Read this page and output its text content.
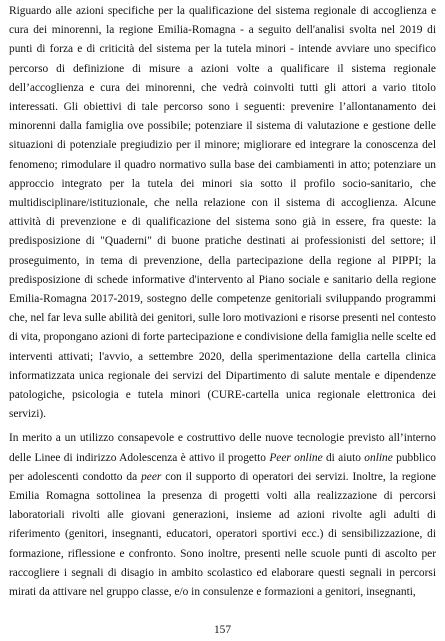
Riguardo alle azioni specifiche per la qualificazione del sistema regionale di accoglienza e cura dei minorenni, la regione Emilia-Romagna - a seguito dell'analisi svolta nel 2019 di punti di forza e di criticità del sistema per la tutela minori - intende avviare uno specifico percorso di definizione di misure a azioni volte a qualificare il sistema regionale dell’accoglienza e cura dei minorenni, che vedrà coinvolti tutti gli attori a vario titolo interessati. Gli obiettivi di tale percorso sono i seguenti: prevenire l’allontanamento dei minorenni dalla famiglia ove possibile; potenziare il sistema di valutazione e gestione delle situazioni di potenziale pregiudizio per il minore; migliorare ed integrare la conoscenza del fenomeno; rimodulare il quadro normativo sulla base dei cambiamenti in atto; potenziare un approccio integrato per la tutela dei minori sia sotto il profilo socio-sanitario, che multidisciplinare/istituzionale, che nella relazione con il sistema di accoglienza. Alcune attività di prevenzione e di qualificazione del sistema sono già in essere, fra queste: la predisposizione di "Quaderni" di buone pratiche destinati ai professionisti del settore; il proseguimento, in tema di prevenzione, della partecipazione della regione al PIPPI; la predisposizione di schede informative d'intervento al Piano sociale e sanitario della regione Emilia-Romagna 2017-2019, sostegno delle competenze genitoriali sviluppando programmi che, nel far leva sulle abilità dei genitori, sulle loro motivazioni e risorse presenti nel contesto di vita, propongano azioni di forte partecipazione e condivisione della famiglia nelle scelte ed interventi attivati; l'avvio, a settembre 2020, della sperimentazione della cartella clinica informatizzata unica regionale dei servizi del Dipartimento di salute mentale e dipendenze patologiche, psicologia e tutela minori (CURE-cartella unica regionale elettronica dei servizi).

In merito a un utilizzo consapevole e costruttivo delle nuove tecnologie previsto all’interno delle Linee di indirizzo Adolescenza è attivo il progetto Peer online di aiuto online pubblico per adolescenti condotto da peer con il supporto di operatori dei servizi. Inoltre, la regione Emilia Romagna sottolinea la presenza di progetti volti alla realizzazione di percorsi laboratoriali rivolti alle giovani generazioni, insieme ad azioni rivolte agli adulti di riferimento (genitori, insegnanti, educatori, operatori sportivi ecc.) di sensibilizzazione, di formazione, riflessione e confronto. Sono inoltre, presenti nelle scuole punti di ascolto per raccogliere i segnali di disagio in ambito scolastico ed elaborare questi segnali in percorsi mirati da attivare nel gruppo classe, e/o in consulenze e formazioni a genitori, insegnanti,

157
